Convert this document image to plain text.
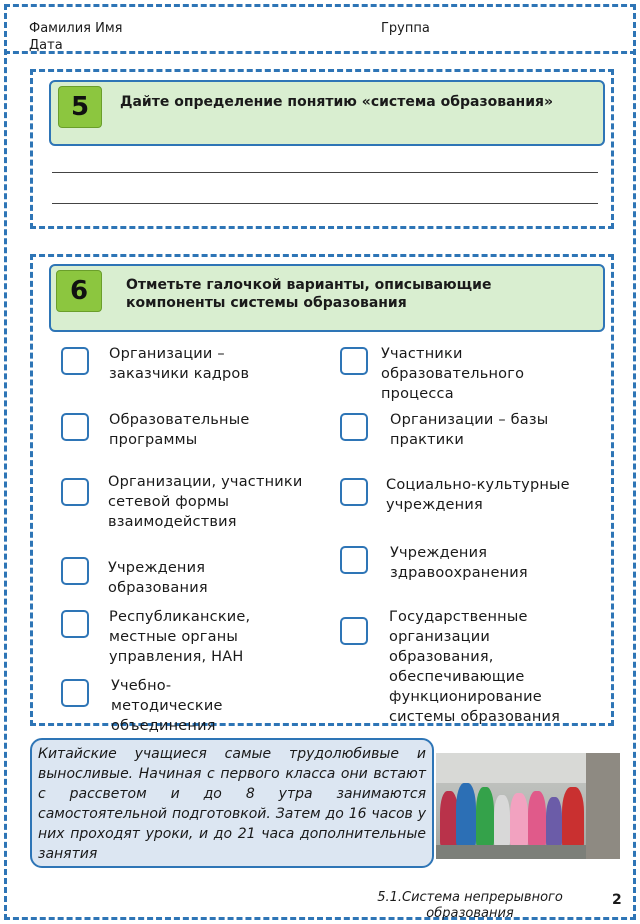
Фамилия Имя
Дата
Группа
5	Дайте определение понятию «система образования»
6	Отметьте галочкой варианты, описывающие компоненты системы образования
Организации – заказчики кадров
Образовательные программы
Организации, участники сетевой формы взаимодействия
Учреждения образования
Республиканские, местные органы управления, НАН
Учебно-методические объединения
Участники образовательного процесса
Организации – базы практики
Социально-культурные учреждения
Учреждения здравоохранения
Государственные организации образования, обеспечивающие функционирование системы образования
Китайские учащиеся самые трудолюбивые и выносливые. Начиная с первого класса они встают с рассветом и до 8 утра занимаются самостоятельной подготовкой. Затем до 16 часов у них проходят уроки, и до 21 часа дополнительные занятия
5.1.Система непрерывного образования
2
